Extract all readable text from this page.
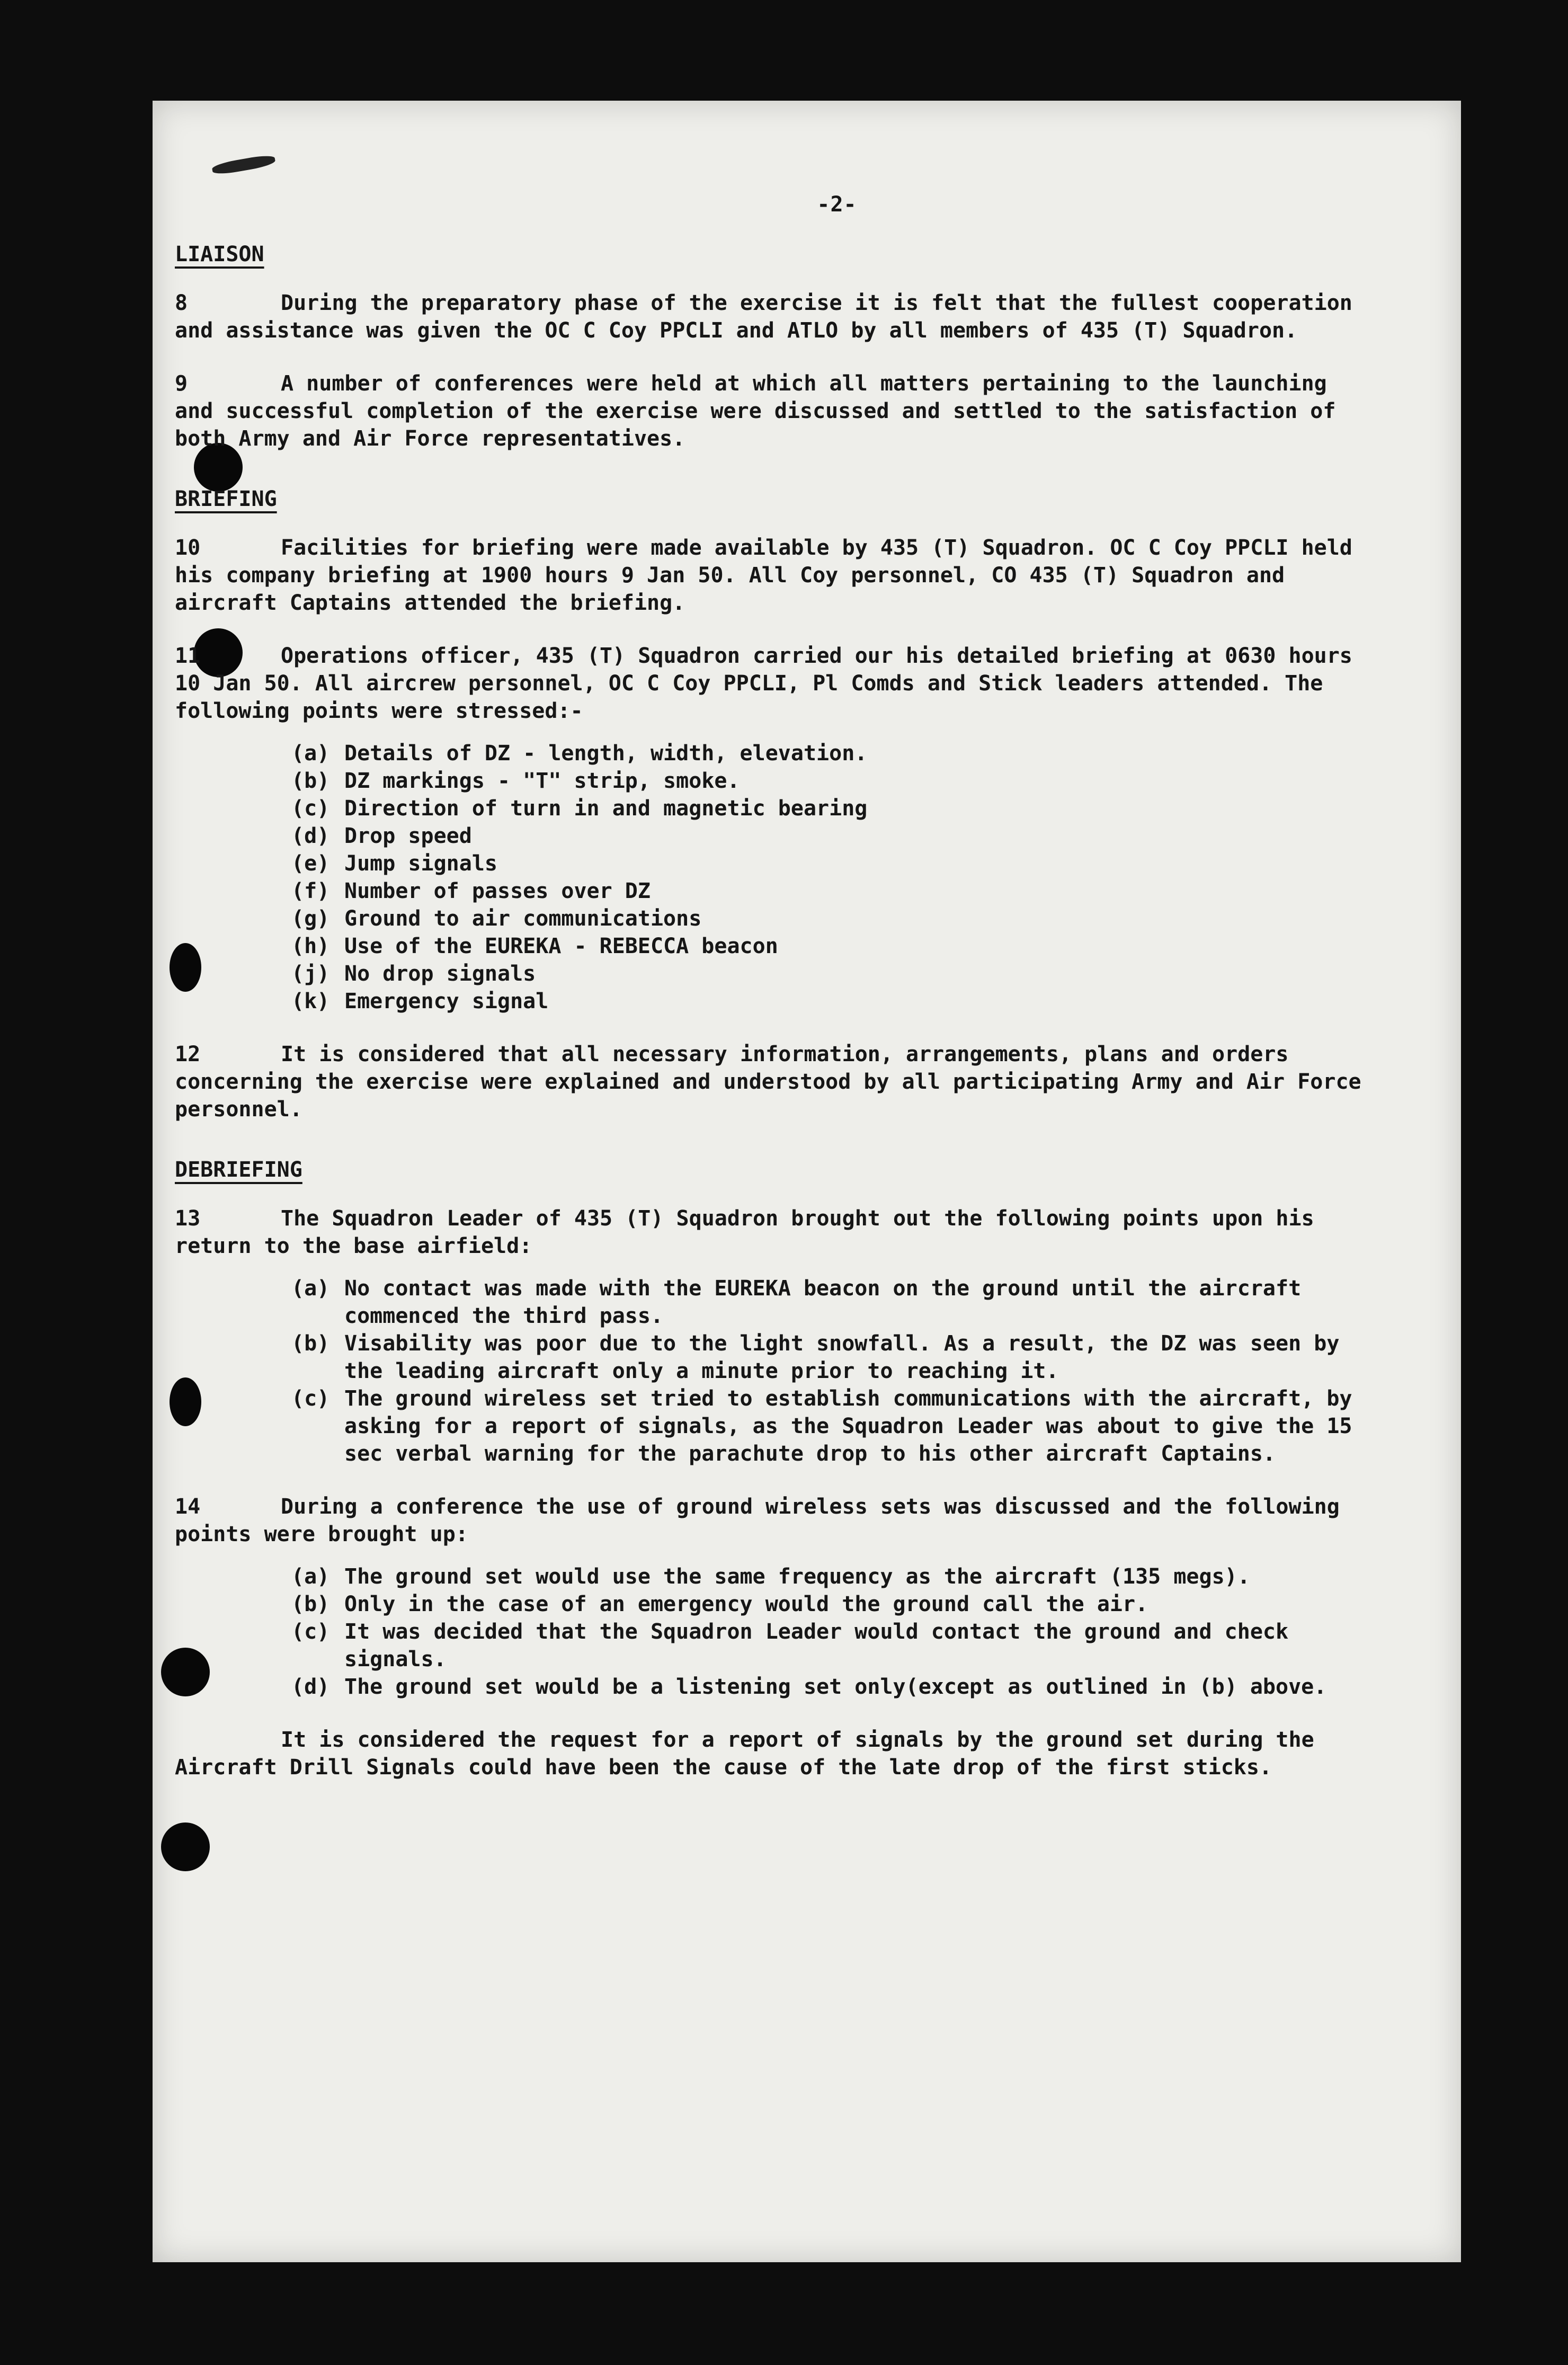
-2-
LIAISON
8	During the preparatory phase of the exercise it is felt that the fullest cooperation and assistance was given the OC C Coy PPCLI and ATLO by all members of 435 (T) Squadron.
9	A number of conferences were held at which all matters pertaining to the launching and successful completion of the exercise were discussed and settled to the satisfaction of both Army and Air Force representatives.
BRIEFING
10	Facilities for briefing were made available by 435 (T) Squadron. OC C Coy PPCLI held his company briefing at 1900 hours 9 Jan 50. All Coy personnel, CO 435 (T) Squadron and aircraft Captains attended the briefing.
11	Operations officer, 435 (T) Squadron carried our his detailed briefing at 0630 hours 10 Jan 50. All aircrew personnel, OC C Coy PPCLI, Pl Comds and Stick leaders attended. The following points were stressed:-
(a) Details of DZ - length, width, elevation.
(b) DZ markings - "T" strip, smoke.
(c) Direction of turn in and magnetic bearing
(d) Drop speed
(e) Jump signals
(f) Number of passes over DZ
(g) Ground to air communications
(h) Use of the EUREKA - REBECCA beacon
(j) No drop signals
(k) Emergency signal
12	It is considered that all necessary information, arrangements, plans and orders concerning the exercise were explained and understood by all participating Army and Air Force personnel.
DEBRIEFING
13	The Squadron Leader of 435 (T) Squadron brought out the following points upon his return to the base airfield:
(a) No contact was made with the EUREKA beacon on the ground until the aircraft commenced the third pass.
(b) Visability was poor due to the light snowfall. As a result, the DZ was seen by the leading aircraft only a minute prior to reaching it.
(c) The ground wireless set tried to establish communications with the aircraft, by asking for a report of signals, as the Squadron Leader was about to give the 15 sec verbal warning for the parachute drop to his other aircraft Captains.
14	During a conference the use of ground wireless sets was discussed and the following points were brought up:
(a) The ground set would use the same frequency as the aircraft (135 megs).
(b) Only in the case of an emergency would the ground call the air.
(c) It was decided that the Squadron Leader would contact the ground and check signals.
(d) The ground set would be a listening set only(except as outlined in (b) above.
It is considered the request for a report of signals by the ground set during the Aircraft Drill Signals could have been the cause of the late drop of the first sticks.
